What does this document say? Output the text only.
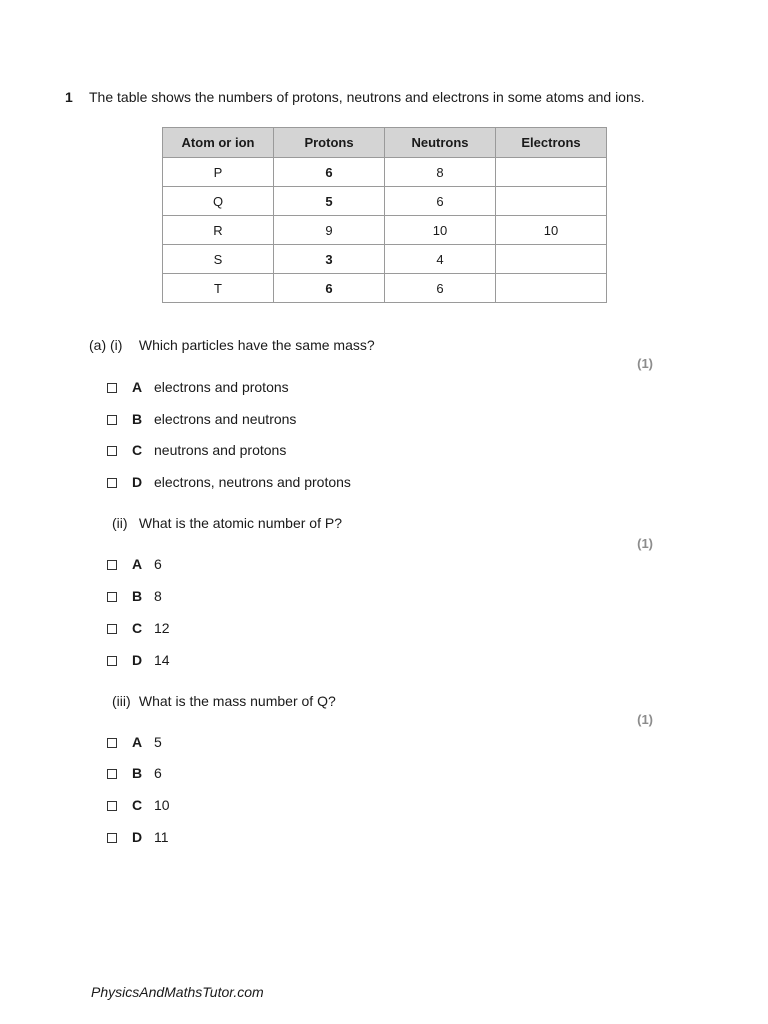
1 The table shows the numbers of protons, neutrons and electrons in some atoms and ions.
Atom or ion	Protons	Neutrons	Electrons
P	6	8	
Q	5	6	
R	9	10	10
S	3	4	
T	6	6	
(a) (i) Which particles have the same mass?
(1)
A electrons and protons
B electrons and neutrons
C neutrons and protons
D electrons, neutrons and protons
(ii) What is the atomic number of P?
(1)
A 6
B 8
C 12
D 14
(iii) What is the mass number of Q?
(1)
A 5
B 6
C 10
D 11
PhysicsAndMathsTutor.com
